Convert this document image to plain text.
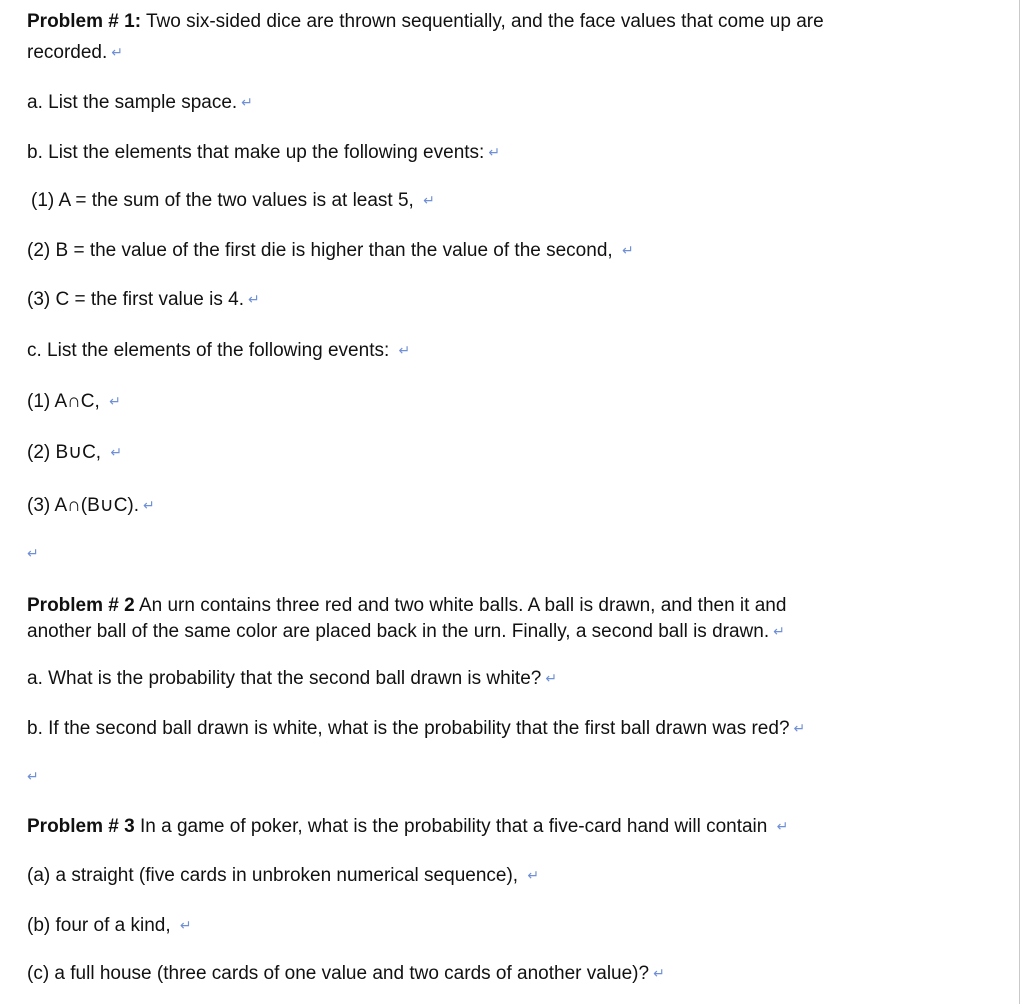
Problem # 1: Two six-sided dice are thrown sequentially, and the face values that come up are
recorded. ↵
a. List the sample space. ↵
b. List the elements that make up the following events: ↵
(1) A = the sum of the two values is at least 5, ↵
(2) B = the value of the first die is higher than the value of the second, ↵
(3) C = the first value is 4. ↵
c. List the elements of the following events: ↵
(1) A∩C, ↵
(2) B∪C, ↵
(3) A∩(B∪C). ↵
↵
Problem # 2 An urn contains three red and two white balls. A ball is drawn, and then it and
another ball of the same color are placed back in the urn. Finally, a second ball is drawn. ↵
a. What is the probability that the second ball drawn is white? ↵
b. If the second ball drawn is white, what is the probability that the first ball drawn was red? ↵
↵
Problem # 3 In a game of poker, what is the probability that a five-card hand will contain ↵
(a) a straight (five cards in unbroken numerical sequence), ↵
(b) four of a kind, ↵
(c) a full house (three cards of one value and two cards of another value)? ↵
